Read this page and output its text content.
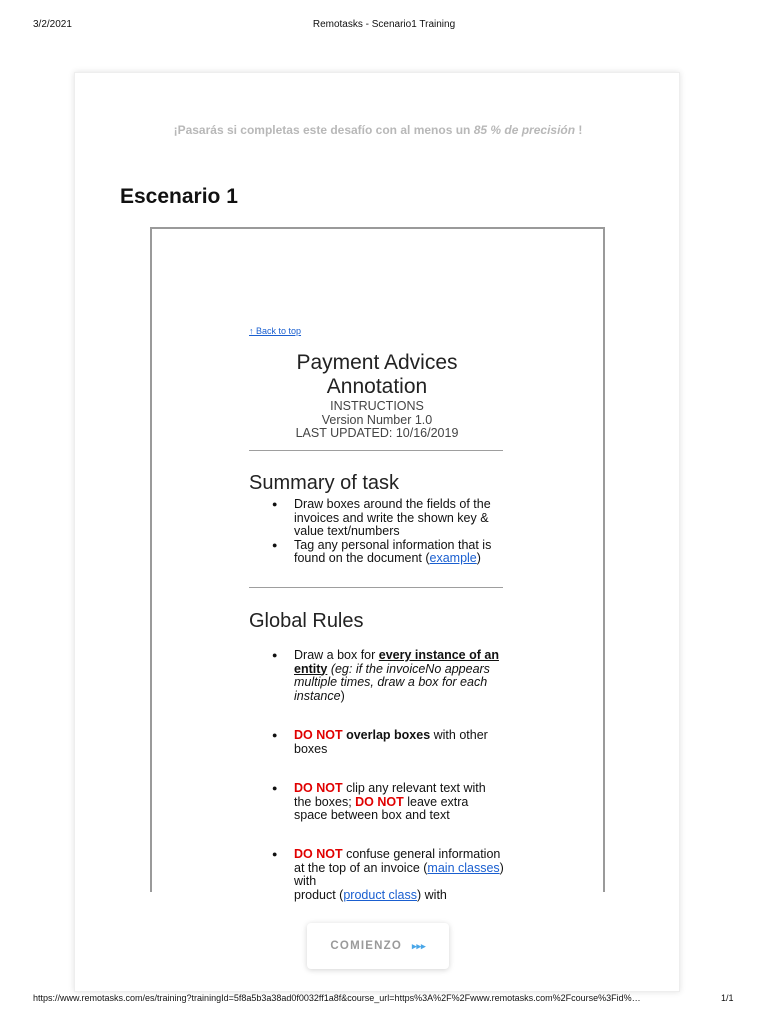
3/2/2021	Remotasks - Scenario1 Training
¡Pasarás si completas este desafío con al menos un 85 % de precisión !
Escenario 1
↑ Back to top
Payment Advices
Annotation
INSTRUCTIONS
Version Number 1.0
LAST UPDATED: 10/16/2019
Summary of task
● Draw boxes around the fields of the invoices and write the shown key & value text/numbers
● Tag any personal information that is found on the document (example)
Global Rules
● Draw a box for every instance of an entity (eg: if the invoiceNo appears multiple times, draw a box for each instance)
● DO NOT overlap boxes with other boxes
● DO NOT clip any relevant text with the boxes; DO NOT leave extra space between box and text
● DO NOT confuse general information at the top of an invoice (main classes) with
product (product class) with
COMIENZO ▸▸▸
https://www.remotasks.com/es/training?trainingId=5f8a5b3a38ad0f0032ff1a8f&course_url=https%3A%2F%2Fwww.remotasks.com%2Fcourse%3Fid%…	1/1
